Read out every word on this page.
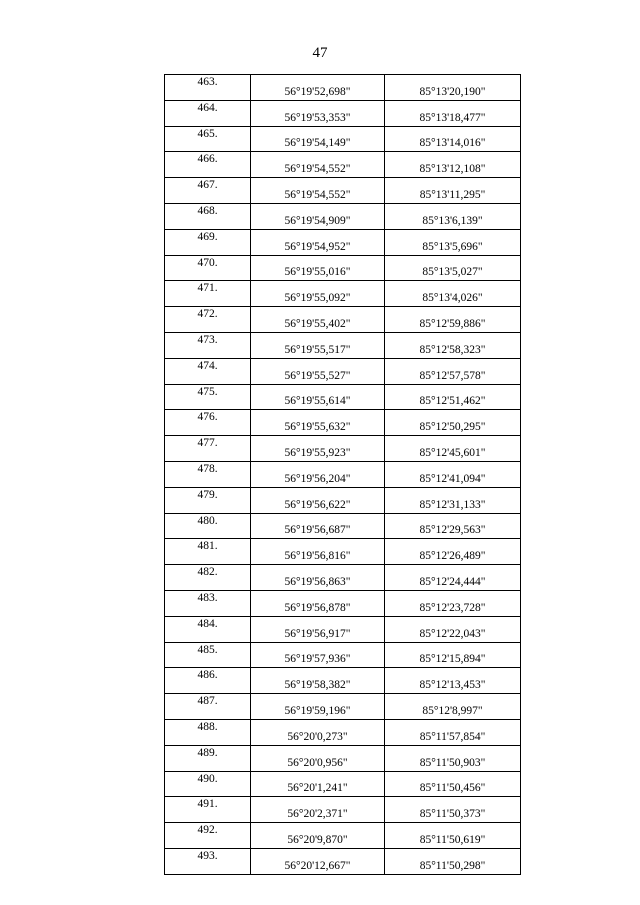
47
463.	56°19'52,698"	85°13'20,190"
464.	56°19'53,353"	85°13'18,477"
465.	56°19'54,149"	85°13'14,016"
466.	56°19'54,552"	85°13'12,108"
467.	56°19'54,552"	85°13'11,295"
468.	56°19'54,909"	85°13'6,139"
469.	56°19'54,952"	85°13'5,696"
470.	56°19'55,016"	85°13'5,027"
471.	56°19'55,092"	85°13'4,026"
472.	56°19'55,402"	85°12'59,886"
473.	56°19'55,517"	85°12'58,323"
474.	56°19'55,527"	85°12'57,578"
475.	56°19'55,614"	85°12'51,462"
476.	56°19'55,632"	85°12'50,295"
477.	56°19'55,923"	85°12'45,601"
478.	56°19'56,204"	85°12'41,094"
479.	56°19'56,622"	85°12'31,133"
480.	56°19'56,687"	85°12'29,563"
481.	56°19'56,816"	85°12'26,489"
482.	56°19'56,863"	85°12'24,444"
483.	56°19'56,878"	85°12'23,728"
484.	56°19'56,917"	85°12'22,043"
485.	56°19'57,936"	85°12'15,894"
486.	56°19'58,382"	85°12'13,453"
487.	56°19'59,196"	85°12'8,997"
488.	56°20'0,273"	85°11'57,854"
489.	56°20'0,956"	85°11'50,903"
490.	56°20'1,241"	85°11'50,456"
491.	56°20'2,371"	85°11'50,373"
492.	56°20'9,870"	85°11'50,619"
493.	56°20'12,667"	85°11'50,298"
